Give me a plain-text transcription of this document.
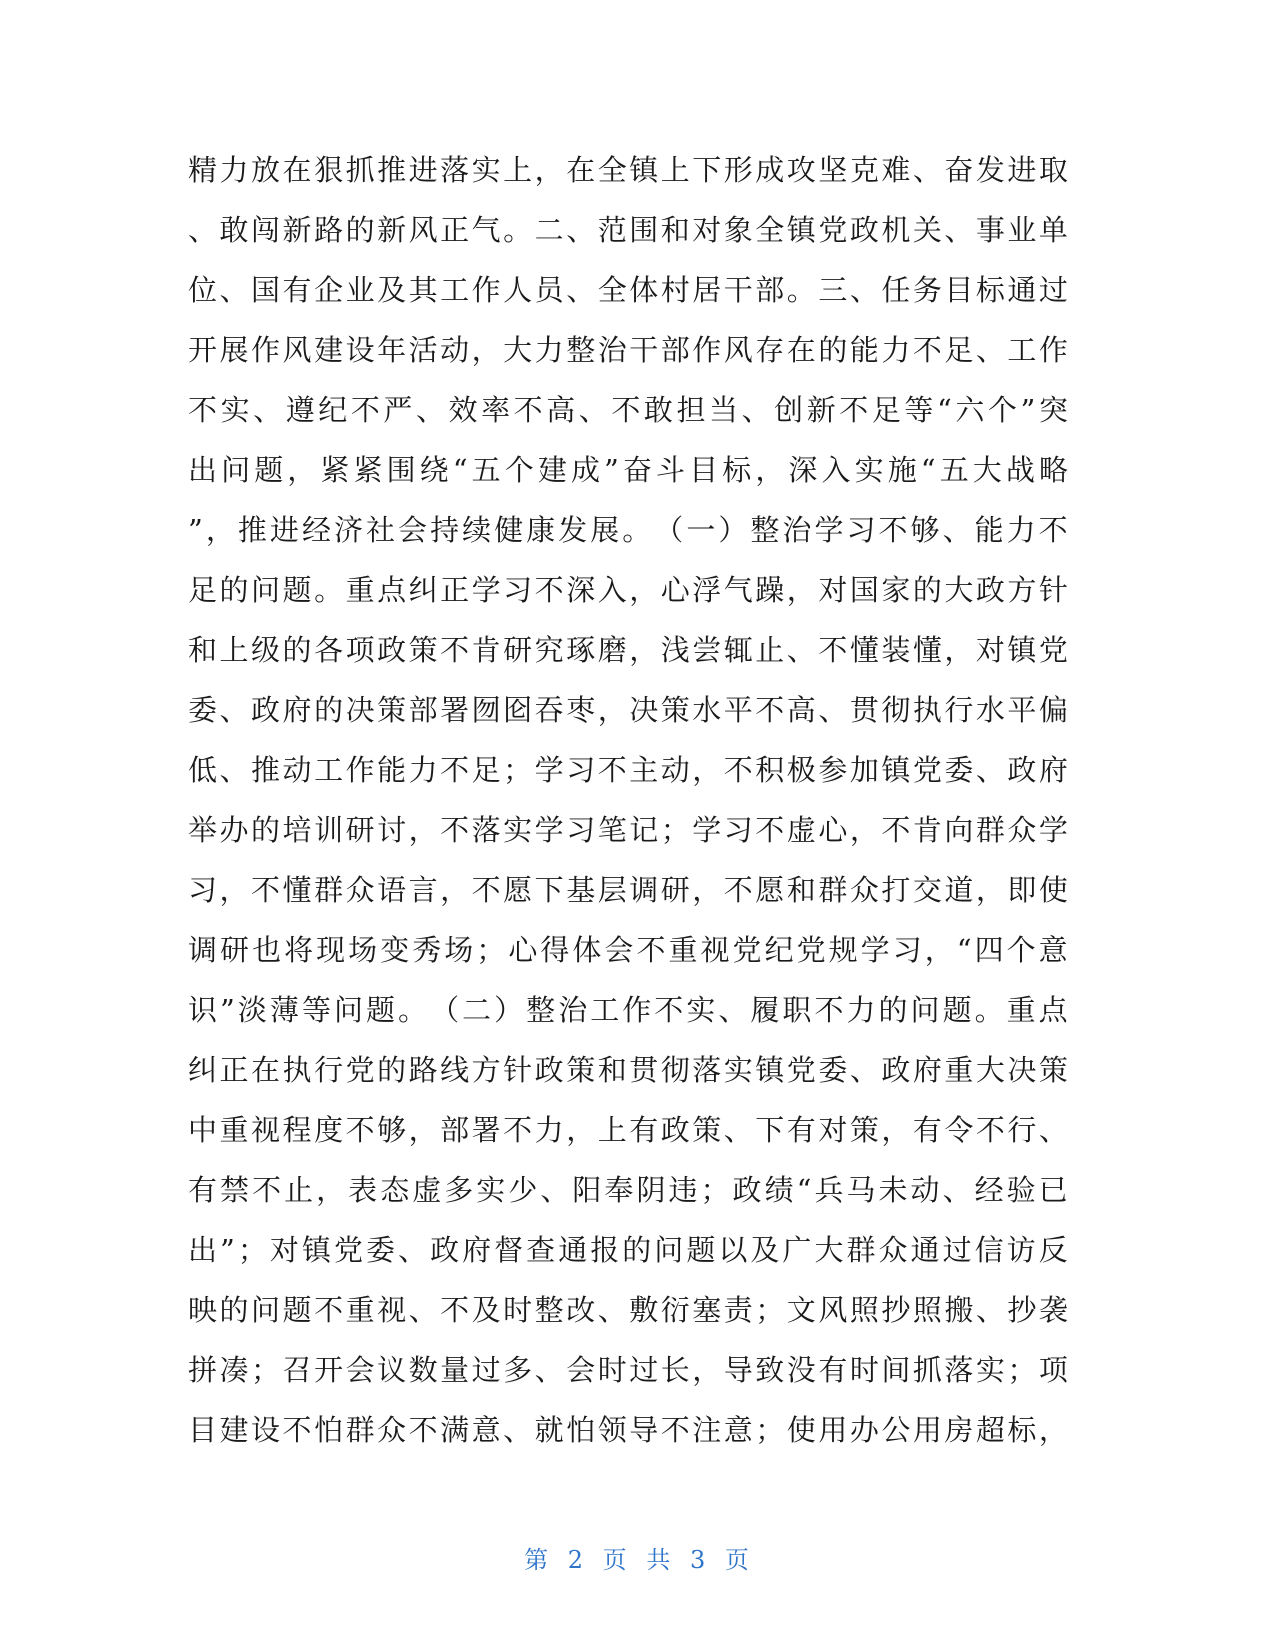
精 力 放 在 狠 抓 推 进 落 实 上 ， 在 全 镇 上 下 形 成 攻 坚 克 难 、 奋 发 进 取
、 敢 闯 新 路 的 新 风 正 气 。 二 、 范 围 和 对 象 全 镇 党 政 机 关 、 事 业 单
位 、 国 有 企 业 及 其 工 作 人 员 、 全 体 村 居 干 部 。 三 、 任 务 目 标 通 过
开 展 作 风 建 设 年 活 动 ， 大 力 整 治 干 部 作 风 存 在 的 能 力 不 足 、 工 作
不 实 、 遵 纪 不 严 、 效 率 不 高 、 不 敢 担 当 、 创 新 不 足 等 “ 六 个 ” 突
出 问 题 ， 紧 紧 围 绕 “ 五 个 建 成 ” 奋 斗 目 标 ， 深 入 实 施 “ 五 大 战 略
” ， 推 进 经 济 社 会 持 续 健 康 发 展 。 （ 一 ） 整 治 学 习 不 够 、 能 力 不
足 的 问 题 。 重 点 纠 正 学 习 不 深 入 ， 心 浮 气 躁 ， 对 国 家 的 大 政 方 针
和 上 级 的 各 项 政 策 不 肯 研 究 琢 磨 ， 浅 尝 辄 止 、 不 懂 装 懂 ， 对 镇 党
委 、 政 府 的 决 策 部 署 囫 囵 吞 枣 ， 决 策 水 平 不 高 、 贯 彻 执 行 水 平 偏
低 、 推 动 工 作 能 力 不 足 ； 学 习 不 主 动 ， 不 积 极 参 加 镇 党 委 、 政 府
举 办 的 培 训 研 讨 ， 不 落 实 学 习 笔 记 ； 学 习 不 虚 心 ， 不 肯 向 群 众 学
习 ， 不 懂 群 众 语 言 ， 不 愿 下 基 层 调 研 ， 不 愿 和 群 众 打 交 道 ， 即 使
调 研 也 将 现 场 变 秀 场 ； 心 得 体 会 不 重 视 党 纪 党 规 学 习 ， “ 四 个 意
识 ” 淡 薄 等 问 题 。 （ 二 ） 整 治 工 作 不 实 、 履 职 不 力 的 问 题 。 重 点
纠 正 在 执 行 党 的 路 线 方 针 政 策 和 贯 彻 落 实 镇 党 委 、 政 府 重 大 决 策
中 重 视 程 度 不 够 ， 部 署 不 力 ， 上 有 政 策 、 下 有 对 策 ， 有 令 不 行 、
有 禁 不 止 ， 表 态 虚 多 实 少 、 阳 奉 阴 违 ； 政 绩 “ 兵 马 未 动 、 经 验 已
出 ” ； 对 镇 党 委 、 政 府 督 查 通 报 的 问 题 以 及 广 大 群 众 通 过 信 访 反
映 的 问 题 不 重 视 、 不 及 时 整 改 、 敷 衍 塞 责 ； 文 风 照 抄 照 搬 、 抄 袭
拼 凑 ； 召 开 会 议 数 量 过 多 、 会 时 过 长 ， 导 致 没 有 时 间 抓 落 实 ； 项
目 建 设 不 怕 群 众 不 满 意 、 就 怕 领 导 不 注 意 ； 使 用 办 公 用 房 超 标 ，
第 2 页 共 3 页
